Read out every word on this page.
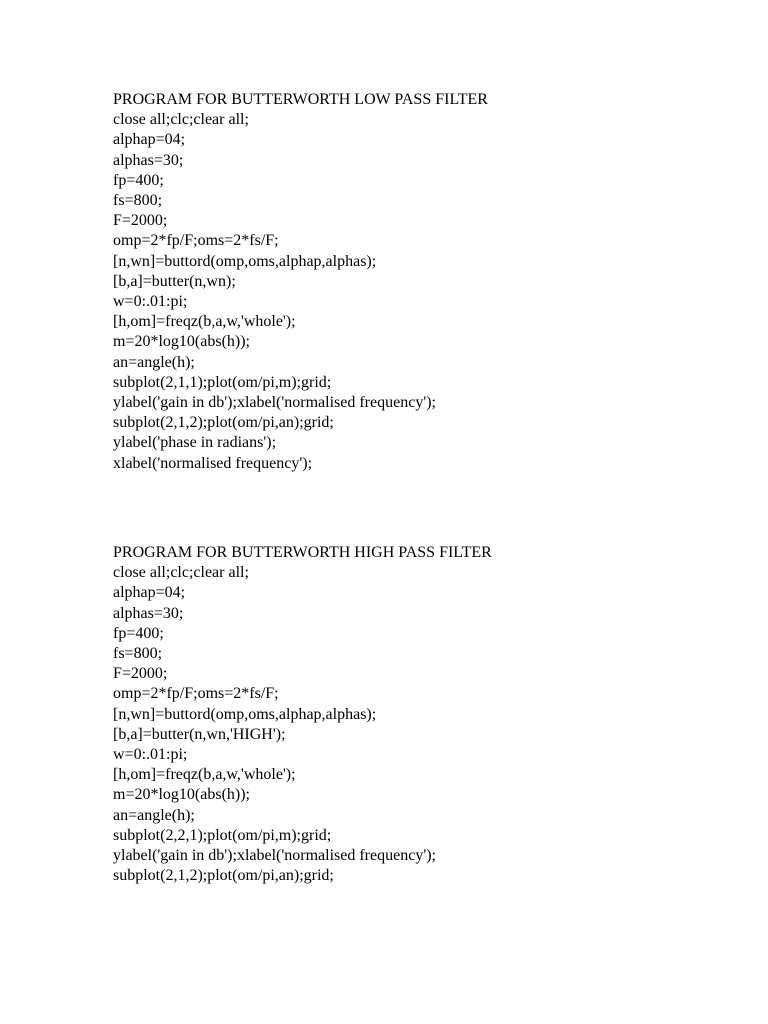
PROGRAM FOR BUTTERWORTH LOW PASS FILTER
close all;clc;clear all;
alphap=04;
alphas=30;
fp=400;
fs=800;
F=2000;
omp=2*fp/F;oms=2*fs/F;
[n,wn]=buttord(omp,oms,alphap,alphas);
[b,a]=butter(n,wn);
w=0:.01:pi;
[h,om]=freqz(b,a,w,'whole');
m=20*log10(abs(h));
an=angle(h);
subplot(2,1,1);plot(om/pi,m);grid;
ylabel('gain in db');xlabel('normalised frequency');
subplot(2,1,2);plot(om/pi,an);grid;
ylabel('phase in radians');
xlabel('normalised frequency');
PROGRAM FOR BUTTERWORTH HIGH PASS FILTER
close all;clc;clear all;
alphap=04;
alphas=30;
fp=400;
fs=800;
F=2000;
omp=2*fp/F;oms=2*fs/F;
[n,wn]=buttord(omp,oms,alphap,alphas);
[b,a]=butter(n,wn,'HIGH');
w=0:.01:pi;
[h,om]=freqz(b,a,w,'whole');
m=20*log10(abs(h));
an=angle(h);
subplot(2,2,1);plot(om/pi,m);grid;
ylabel('gain in db');xlabel('normalised frequency');
subplot(2,1,2);plot(om/pi,an);grid;
